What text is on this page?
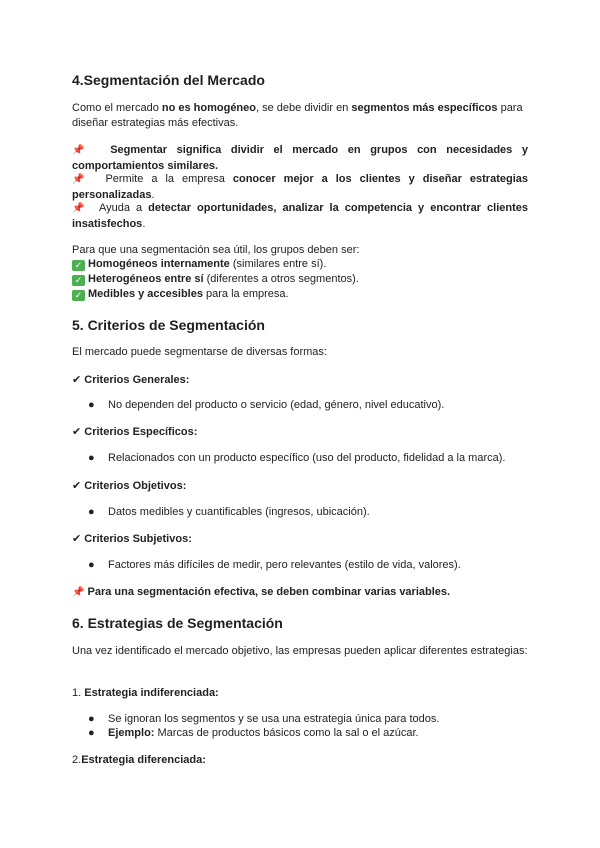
4.Segmentación del Mercado

Como el mercado no es homogéneo, se debe dividir en segmentos más específicos para diseñar estrategias más efectivas.

📌 Segmentar significa dividir el mercado en grupos con necesidades y comportamientos similares.

📌 Permite a la empresa conocer mejor a los clientes y diseñar estrategias personalizadas.

📌 Ayuda a detectar oportunidades, analizar la competencia y encontrar clientes insatisfechos.

Para que una segmentación sea útil, los grupos deben ser:

✓ Homogéneos internamente (similares entre sí).

✓ Heterogéneos entre sí (diferentes a otros segmentos).

✓ Medibles y accesibles para la empresa.

5. Criterios de Segmentación

El mercado puede segmentarse de diversas formas:

✔ Criterios Generales:

● No dependen del producto o servicio (edad, género, nivel educativo).

✔ Criterios Específicos:

● Relacionados con un producto específico (uso del producto, fidelidad a la marca).

✔ Criterios Objetivos:

● Datos medibles y cuantificables (ingresos, ubicación).

✔ Criterios Subjetivos:

● Factores más difíciles de medir, pero relevantes (estilo de vida, valores).

📌 Para una segmentación efectiva, se deben combinar varias variables.

6. Estrategias de Segmentación

Una vez identificado el mercado objetivo, las empresas pueden aplicar diferentes estrategias:

1. Estrategia indiferenciada:

● Se ignoran los segmentos y se usa una estrategia única para todos.
● Ejemplo: Marcas de productos básicos como la sal o el azúcar.

2.Estrategia diferenciada:
